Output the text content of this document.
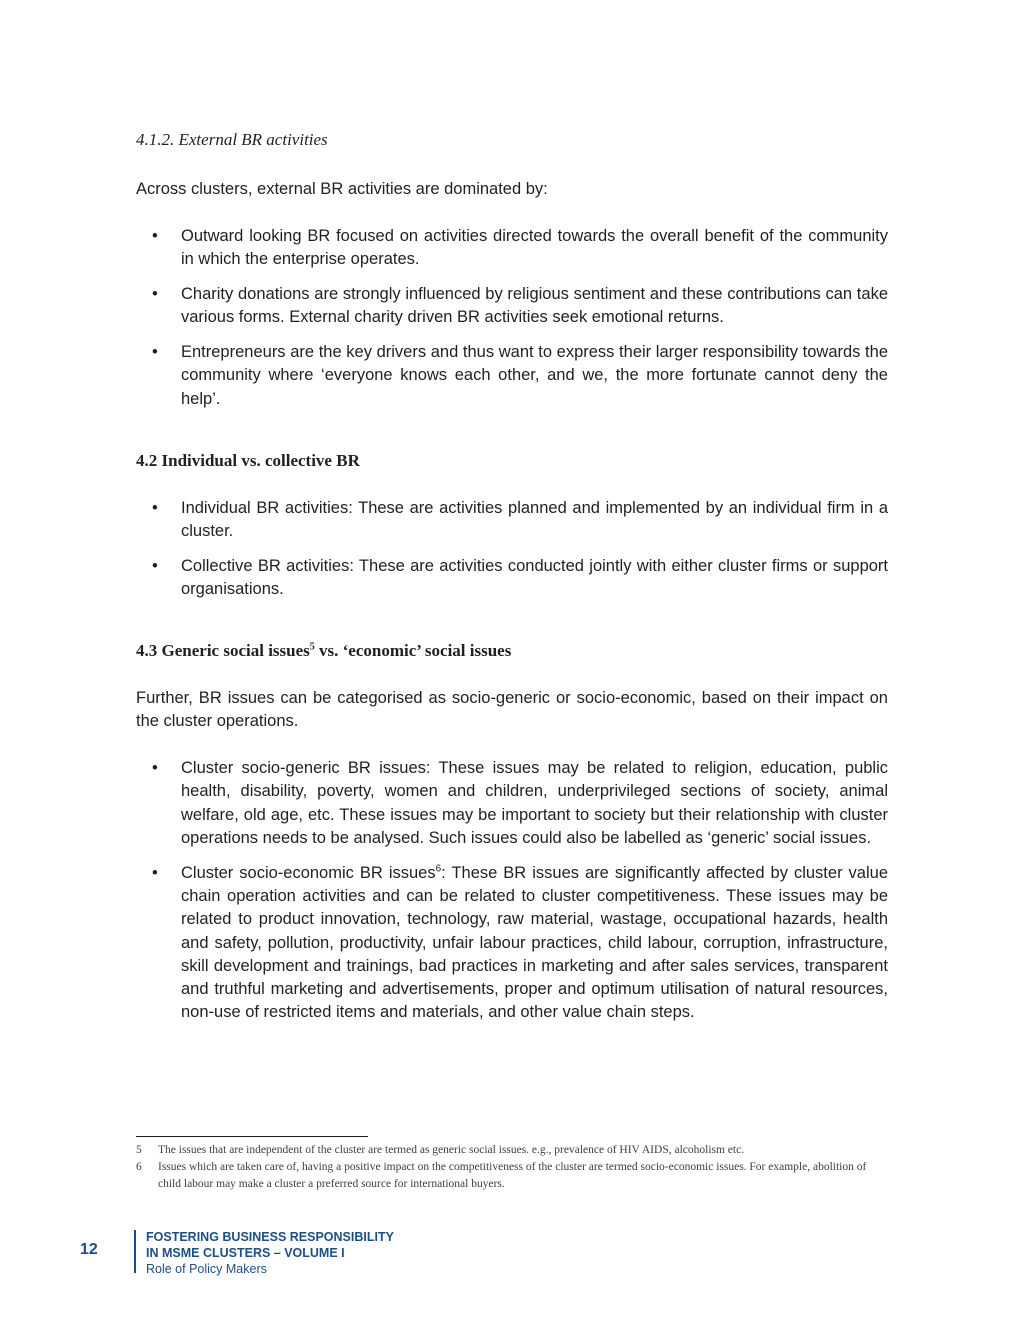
4.1.2. External BR activities

Across clusters, external BR activities are dominated by:

• Outward looking BR focused on activities directed towards the overall benefit of the community in which the enterprise operates.
• Charity donations are strongly influenced by religious sentiment and these contributions can take various forms. External charity driven BR activities seek emotional returns.
• Entrepreneurs are the key drivers and thus want to express their larger responsibility towards the community where ‘everyone knows each other, and we, the more fortunate cannot deny the help’.
4.2 Individual vs. collective BR
• Individual BR activities: These are activities planned and implemented by an individual firm in a cluster.
• Collective BR activities: These are activities conducted jointly with either cluster firms or support organisations.
4.3 Generic social issues$^5$ vs. ‘economic’ social issues

Further, BR issues can be categorised as socio-generic or socio-economic, based on their impact on the cluster operations.

• Cluster socio-generic BR issues: These issues may be related to religion, education, public health, disability, poverty, women and children, underprivileged sections of society, animal welfare, old age, etc. These issues may be important to society but their relationship with cluster operations needs to be analysed. Such issues could also be labelled as ‘generic’ social issues.
• Cluster socio-economic BR issues$^6$: These BR issues are significantly affected by cluster value chain operation activities and can be related to cluster competitiveness. These issues may be related to product innovation, technology, raw material, wastage, occupational hazards, health and safety, pollution, productivity, unfair labour practices, child labour, corruption, infrastructure, skill development and trainings, bad practices in marketing and after sales services, transparent and truthful marketing and advertisements, proper and optimum utilisation of natural resources, non-use of restricted items and materials, and other value chain steps.
5 The issues that are independent of the cluster are termed as generic social issues. e.g., prevalence of HIV AIDS, alcoholism etc.
6 Issues which are taken care of, having a positive impact on the competitiveness of the cluster are termed socio-economic issues. For example, abolition of child labour may make a cluster a preferred source for international buyers.
12
FOSTERING BUSINESS RESPONSIBILITY
IN MSME CLUSTERS – VOLUME I
Role of Policy Makers
